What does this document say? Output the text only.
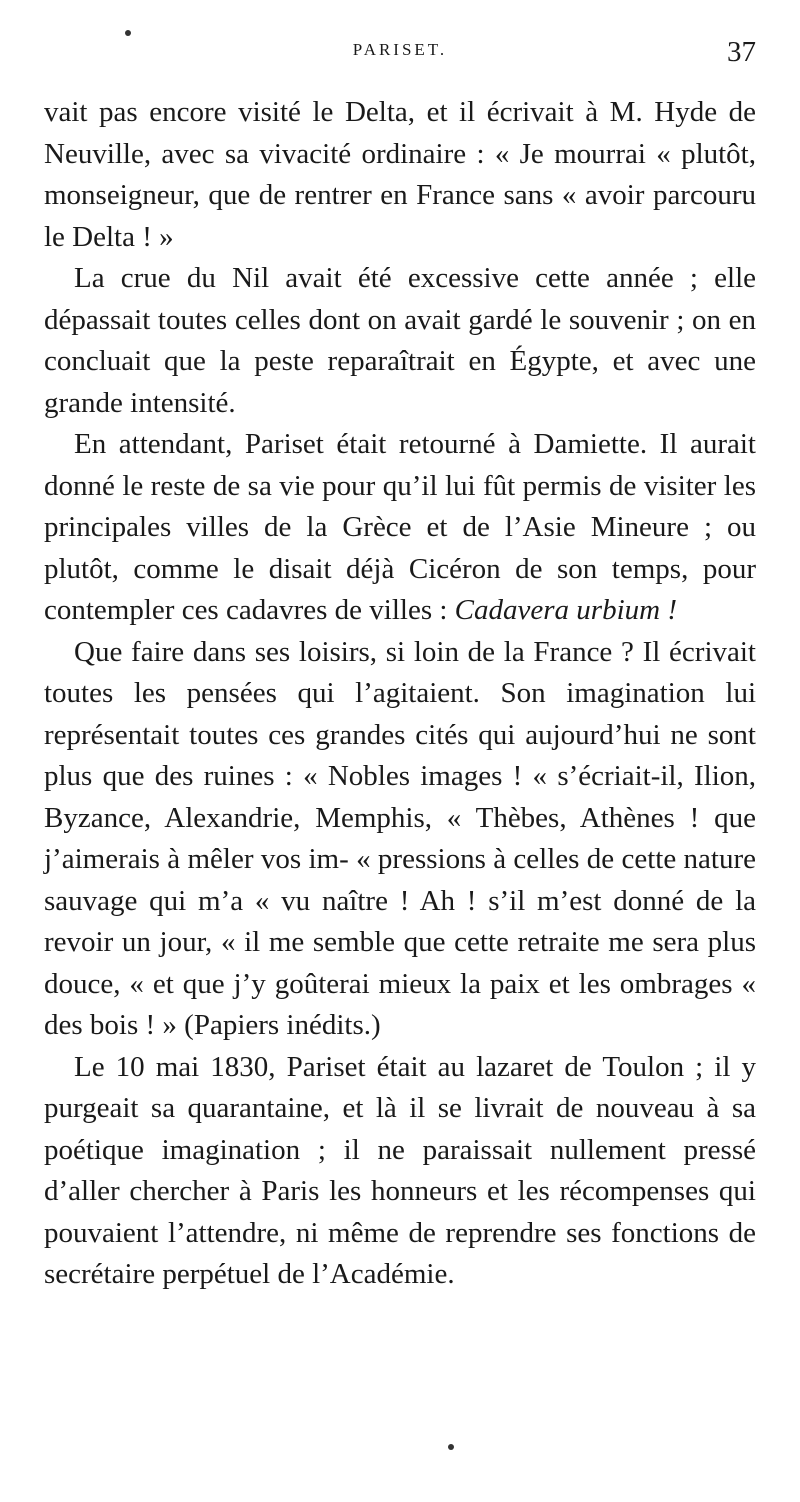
PARISET.	37

vait pas encore visité le Delta, et il écrivait à M. Hyde de Neuville, avec sa vivacité ordinaire : « Je mourrai « plutôt, monseigneur, que de rentrer en France sans « avoir parcouru le Delta ! »

La crue du Nil avait été excessive cette année ; elle dépassait toutes celles dont on avait gardé le souvenir ; on en concluait que la peste reparaîtrait en Égypte, et avec une grande intensité.

En attendant, Pariset était retourné à Damiette. Il aurait donné le reste de sa vie pour qu’il lui fût permis de visiter les principales villes de la Grèce et de l’Asie Mineure ; ou plutôt, comme le disait déjà Cicéron de son temps, pour contempler ces cadavres de villes : Cadavera urbium !

Que faire dans ses loisirs, si loin de la France ? Il écrivait toutes les pensées qui l’agitaient. Son imagination lui représentait toutes ces grandes cités qui aujourd’hui ne sont plus que des ruines : « Nobles images ! « s’écriait-il, Ilion, Byzance, Alexandrie, Memphis, « Thèbes, Athènes ! que j’aimerais à mêler vos im- « pressions à celles de cette nature sauvage qui m’a « vu naître ! Ah ! s’il m’est donné de la revoir un jour, « il me semble que cette retraite me sera plus douce, « et que j’y goûterai mieux la paix et les ombrages « des bois ! » (Papiers inédits.)

Le 10 mai 1830, Pariset était au lazaret de Toulon ; il y purgeait sa quarantaine, et là il se livrait de nouveau à sa poétique imagination ; il ne paraissait nullement pressé d’aller chercher à Paris les honneurs et les récompenses qui pouvaient l’attendre, ni même de reprendre ses fonctions de secrétaire perpétuel de l’Académie.
